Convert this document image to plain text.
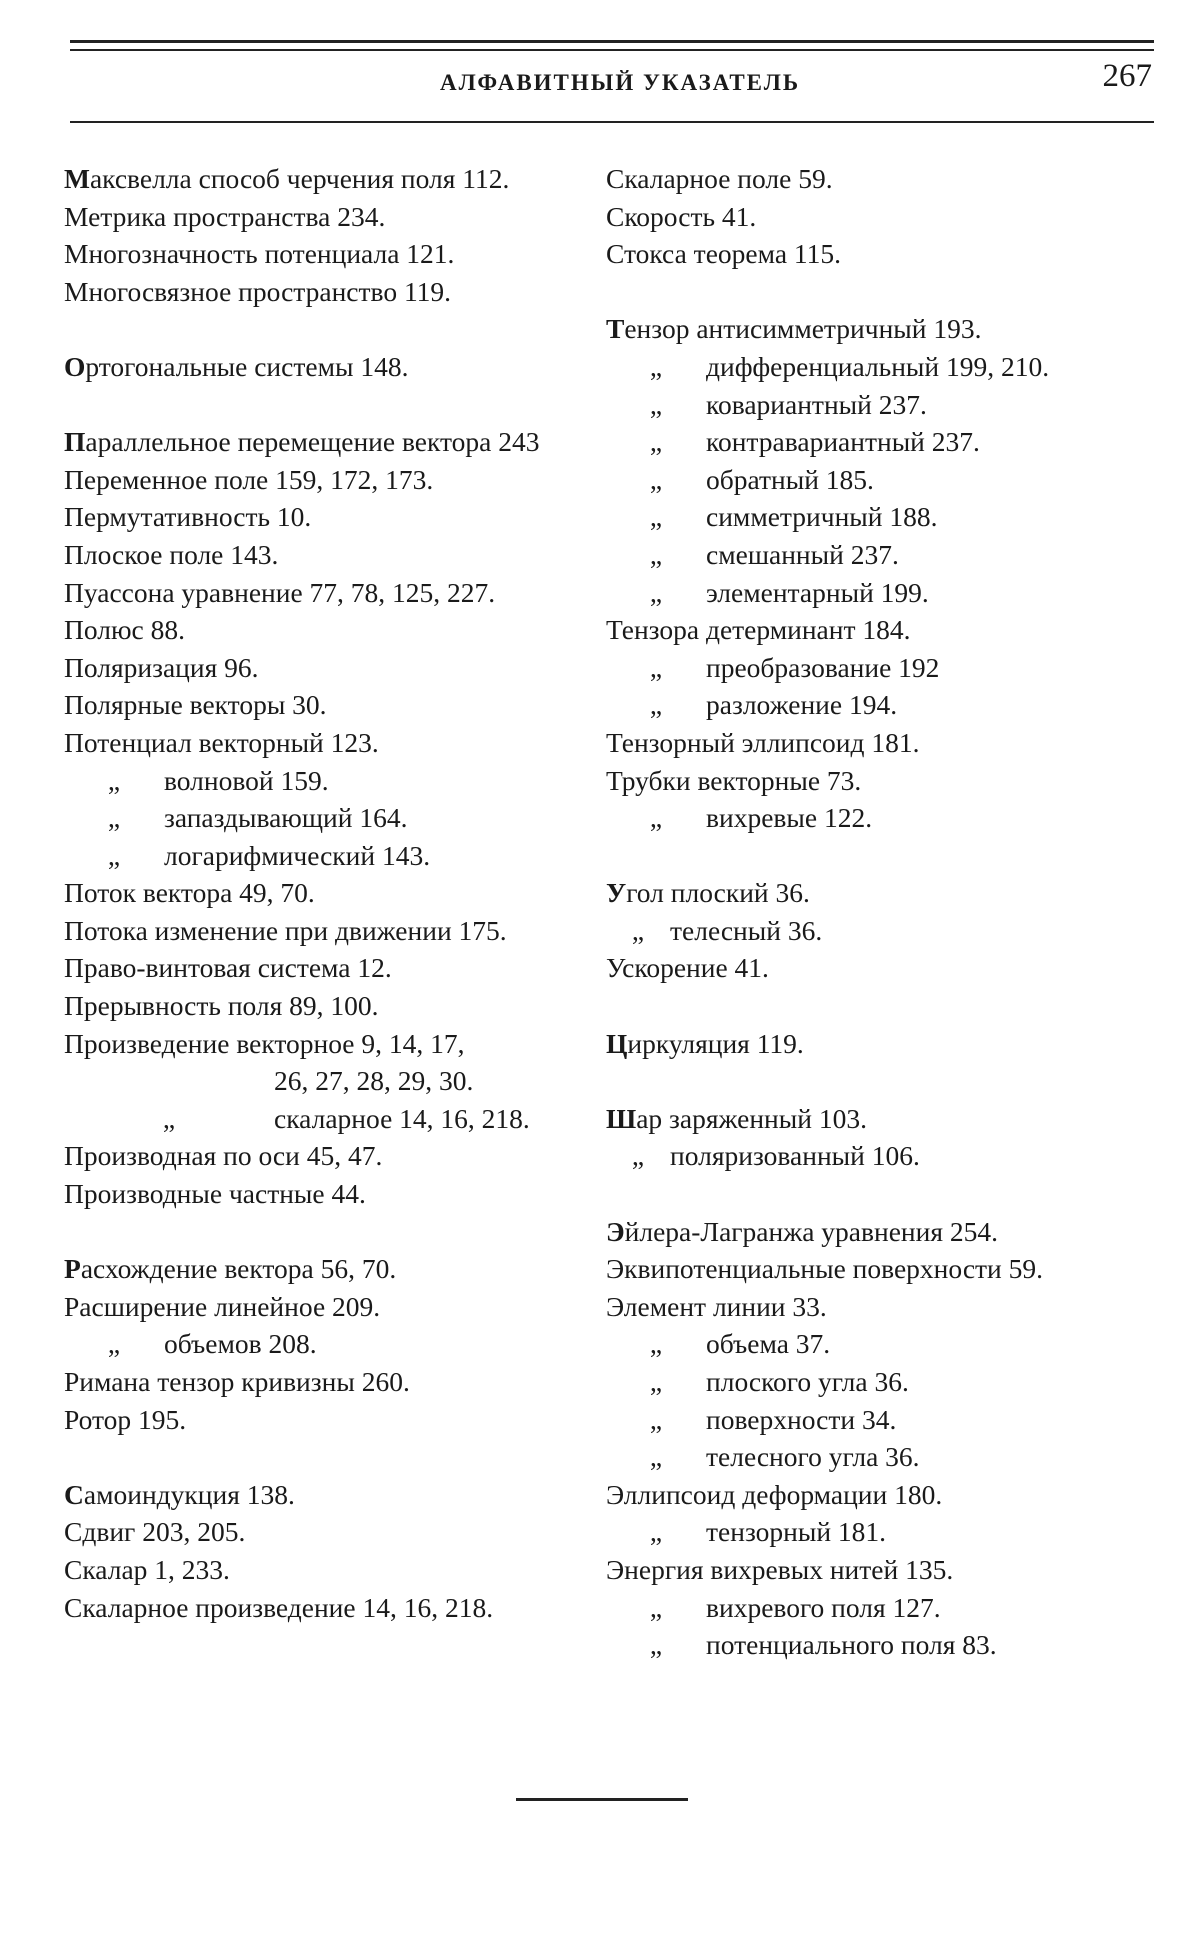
АЛФАВИТНЫЙ УКАЗАТЕЛЬ	267
Максвелла способ черчения поля 112.
Метрика пространства 234.
Многозначность потенциала 121.
Многосвязное пространство 119.
Ортогональные системы 148.
Параллельное перемещение вектора 243
Переменное поле 159, 172, 173.
Пермутативность 10.
Плоское поле 143.
Пуассона уравнение 77, 78, 125, 227.
Полюс 88.
Поляризация 96.
Полярные векторы 30.
Потенциал векторный 123.
„ волновой 159.
„ запаздывающий 164.
„ логарифмический 143.
Поток вектора 49, 70.
Потока изменение при движении 175.
Право-винтовая система 12.
Прерывность поля 89, 100.
Произведение векторное 9, 14, 17,
26, 27, 28, 29, 30.
„	скаларное 14, 16, 218.
Производная по оси 45, 47.
Производные частные 44.
Расхождение вектора 56, 70.
Расширение линейное 209.
„ объемов 208.
Римана тензор кривизны 260.
Ротор 195.
Самоиндукция 138.
Сдвиг 203, 205.
Скалар 1, 233.
Скаларное произведение 14, 16, 218.
Скаларное поле 59.
Скорость 41.
Стокса теорема 115.
Тензор антисимметричный 193.
„ дифференциальный 199, 210.
„ ковариантный 237.
„ контравариантный 237.
„ обратный 185.
„ симметричный 188.
„ смешанный 237.
„ элементарный 199.
Тензора детерминант 184.
„ преобразование 192
„ разложение 194.
Тензорный эллипсоид 181.
Трубки векторные 73.
„ вихревые 122.
Угол плоский 36.
„ телесный 36.
Ускорение 41.
Циркуляция 119.
Шар заряженный 103.
„ поляризованный 106.
Эйлера-Лагранжа уравнения 254.
Эквипотенциальные поверхности 59.
Элемент линии 33.
„ объема 37.
„ плоского угла 36.
„ поверхности 34.
„ телесного угла 36.
Эллипсоид деформации 180.
„ тензорный 181.
Энергия вихревых нитей 135.
„ вихревого поля 127.
„ потенциального поля 83.
